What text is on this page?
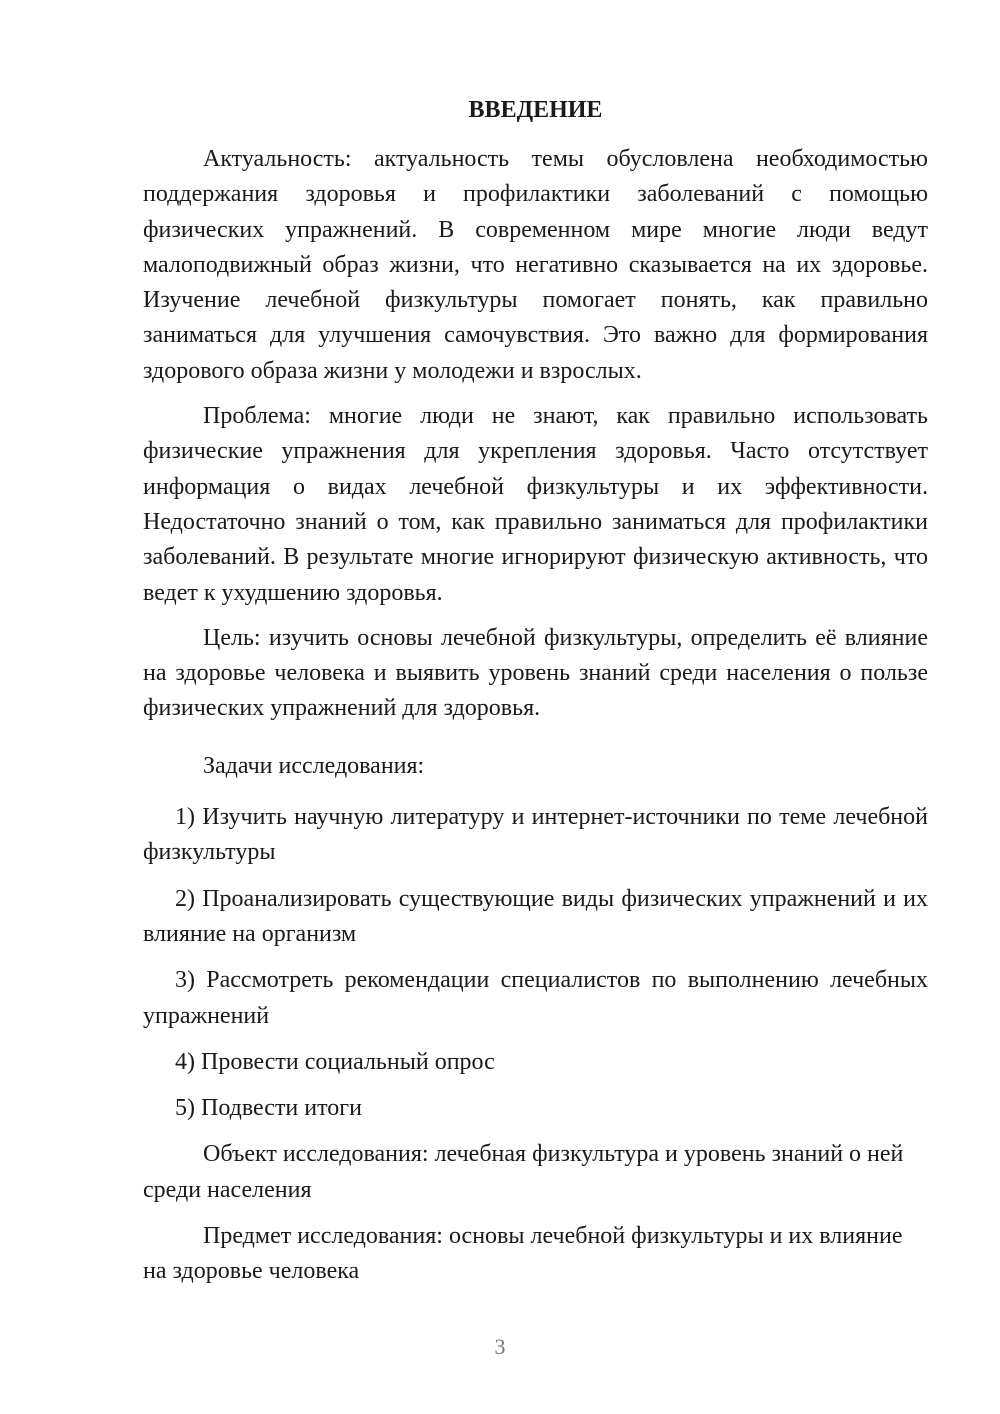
ВВЕДЕНИЕ

Актуальность: актуальность темы обусловлена необходимостью поддержания здоровья и профилактики заболеваний с помощью физических упражнений. В современном мире многие люди ведут малоподвижный образ жизни, что негативно сказывается на их здоровье. Изучение лечебной физкультуры помогает понять, как правильно заниматься для улучшения самочувствия. Это важно для формирования здорового образа жизни у молодежи и взрослых.

Проблема: многие люди не знают, как правильно использовать физические упражнения для укрепления здоровья. Часто отсутствует информация о видах лечебной физкультуры и их эффективности. Недостаточно знаний о том, как правильно заниматься для профилактики заболеваний. В результате многие игнорируют физическую активность, что ведет к ухудшению здоровья.

Цель: изучить основы лечебной физкультуры, определить её влияние на здоровье человека и выявить уровень знаний среди населения о пользе физических упражнений для здоровья.

Задачи исследования:

1) Изучить научную литературу и интернет-источники по теме лечебной физкультуры

2) Проанализировать существующие виды физических упражнений и их влияние на организм

3) Рассмотреть рекомендации специалистов по выполнению лечебных упражнений

4) Провести социальный опрос

5) Подвести итоги

Объект исследования: лечебная физкультура и уровень знаний о ней среди населения

Предмет исследования: основы лечебной физкультуры и их влияние на здоровье человека

3
